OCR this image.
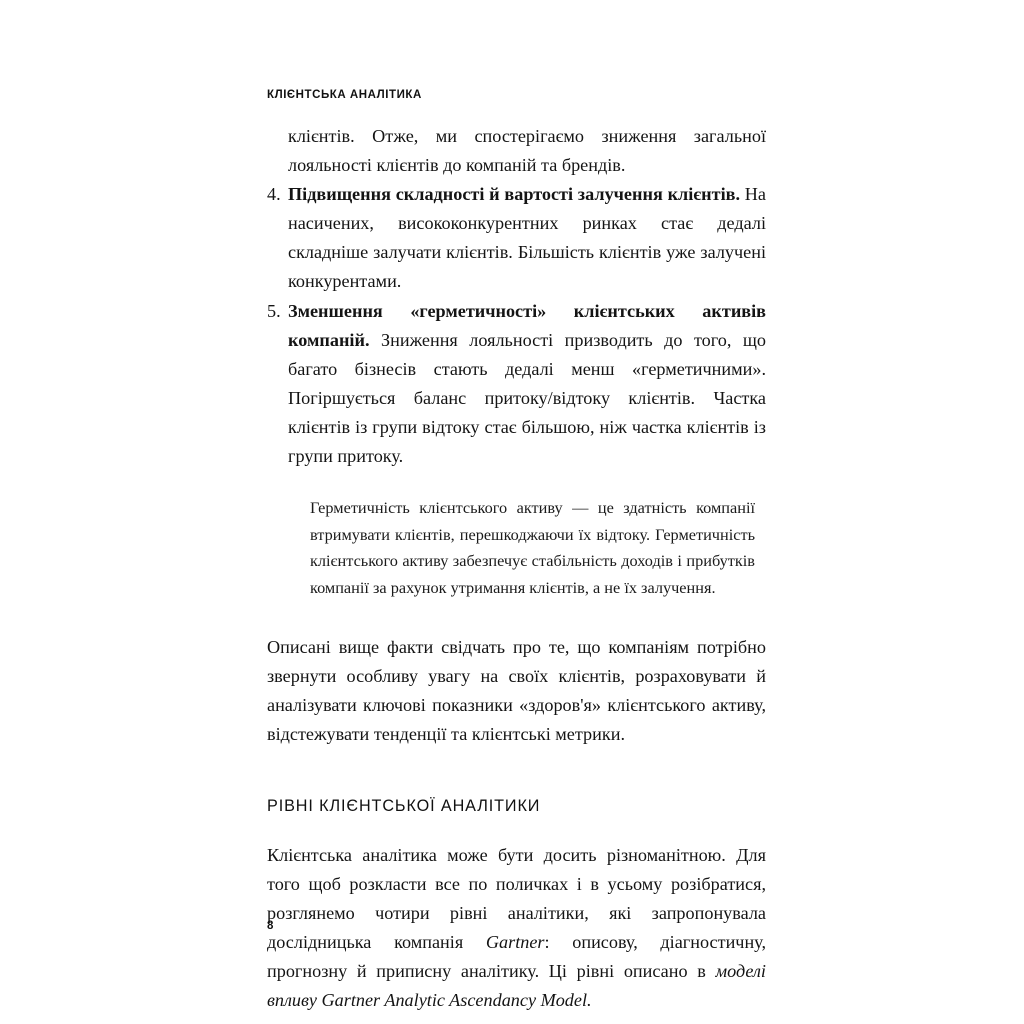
КЛІЄНТСЬКА АНАЛІТИКА

клієнтів. Отже, ми спостерігаємо зниження загальної лояльності клієнтів до компаній та брендів.

4. Підвищення складності й вартості залучення клієнтів. На насичених, висококонкурентних ринках стає дедалі складніше залучати клієнтів. Більшість клієнтів уже залучені конкурентами.
5. Зменшення «герметичності» клієнтських активів компаній. Зниження лояльності призводить до того, що багато бізнесів стають дедалі менш «герметичними». Погіршується баланс притоку/відтоку клієнтів. Частка клієнтів із групи відтоку стає більшою, ніж частка клієнтів із групи притоку.
Герметичність клієнтського активу — це здатність компанії втримувати клієнтів, перешкоджаючи їх відтоку. Герметичність клієнтського активу забезпечує стабільність доходів і прибутків компанії за рахунок утримання клієнтів, а не їх залучення.

Описані вище факти свідчать про те, що компаніям потрібно звернути особливу увагу на своїх клієнтів, розраховувати й аналізувати ключові показники «здоров'я» клієнтського активу, відстежувати тенденції та клієнтські метрики.

РІВНІ КЛІЄНТСЬКОЇ АНАЛІТИКИ

Клієнтська аналітика може бути досить різноманітною. Для того щоб розкласти все по поличках і в усьому розібратися, розглянемо чотири рівні аналітики, які запропонувала дослідницька компанія Gartner: описову, діагностичну, прогнозну й приписну аналітику. Ці рівні описано в моделі впливу Gartner Analytic Ascendancy Model.

8
